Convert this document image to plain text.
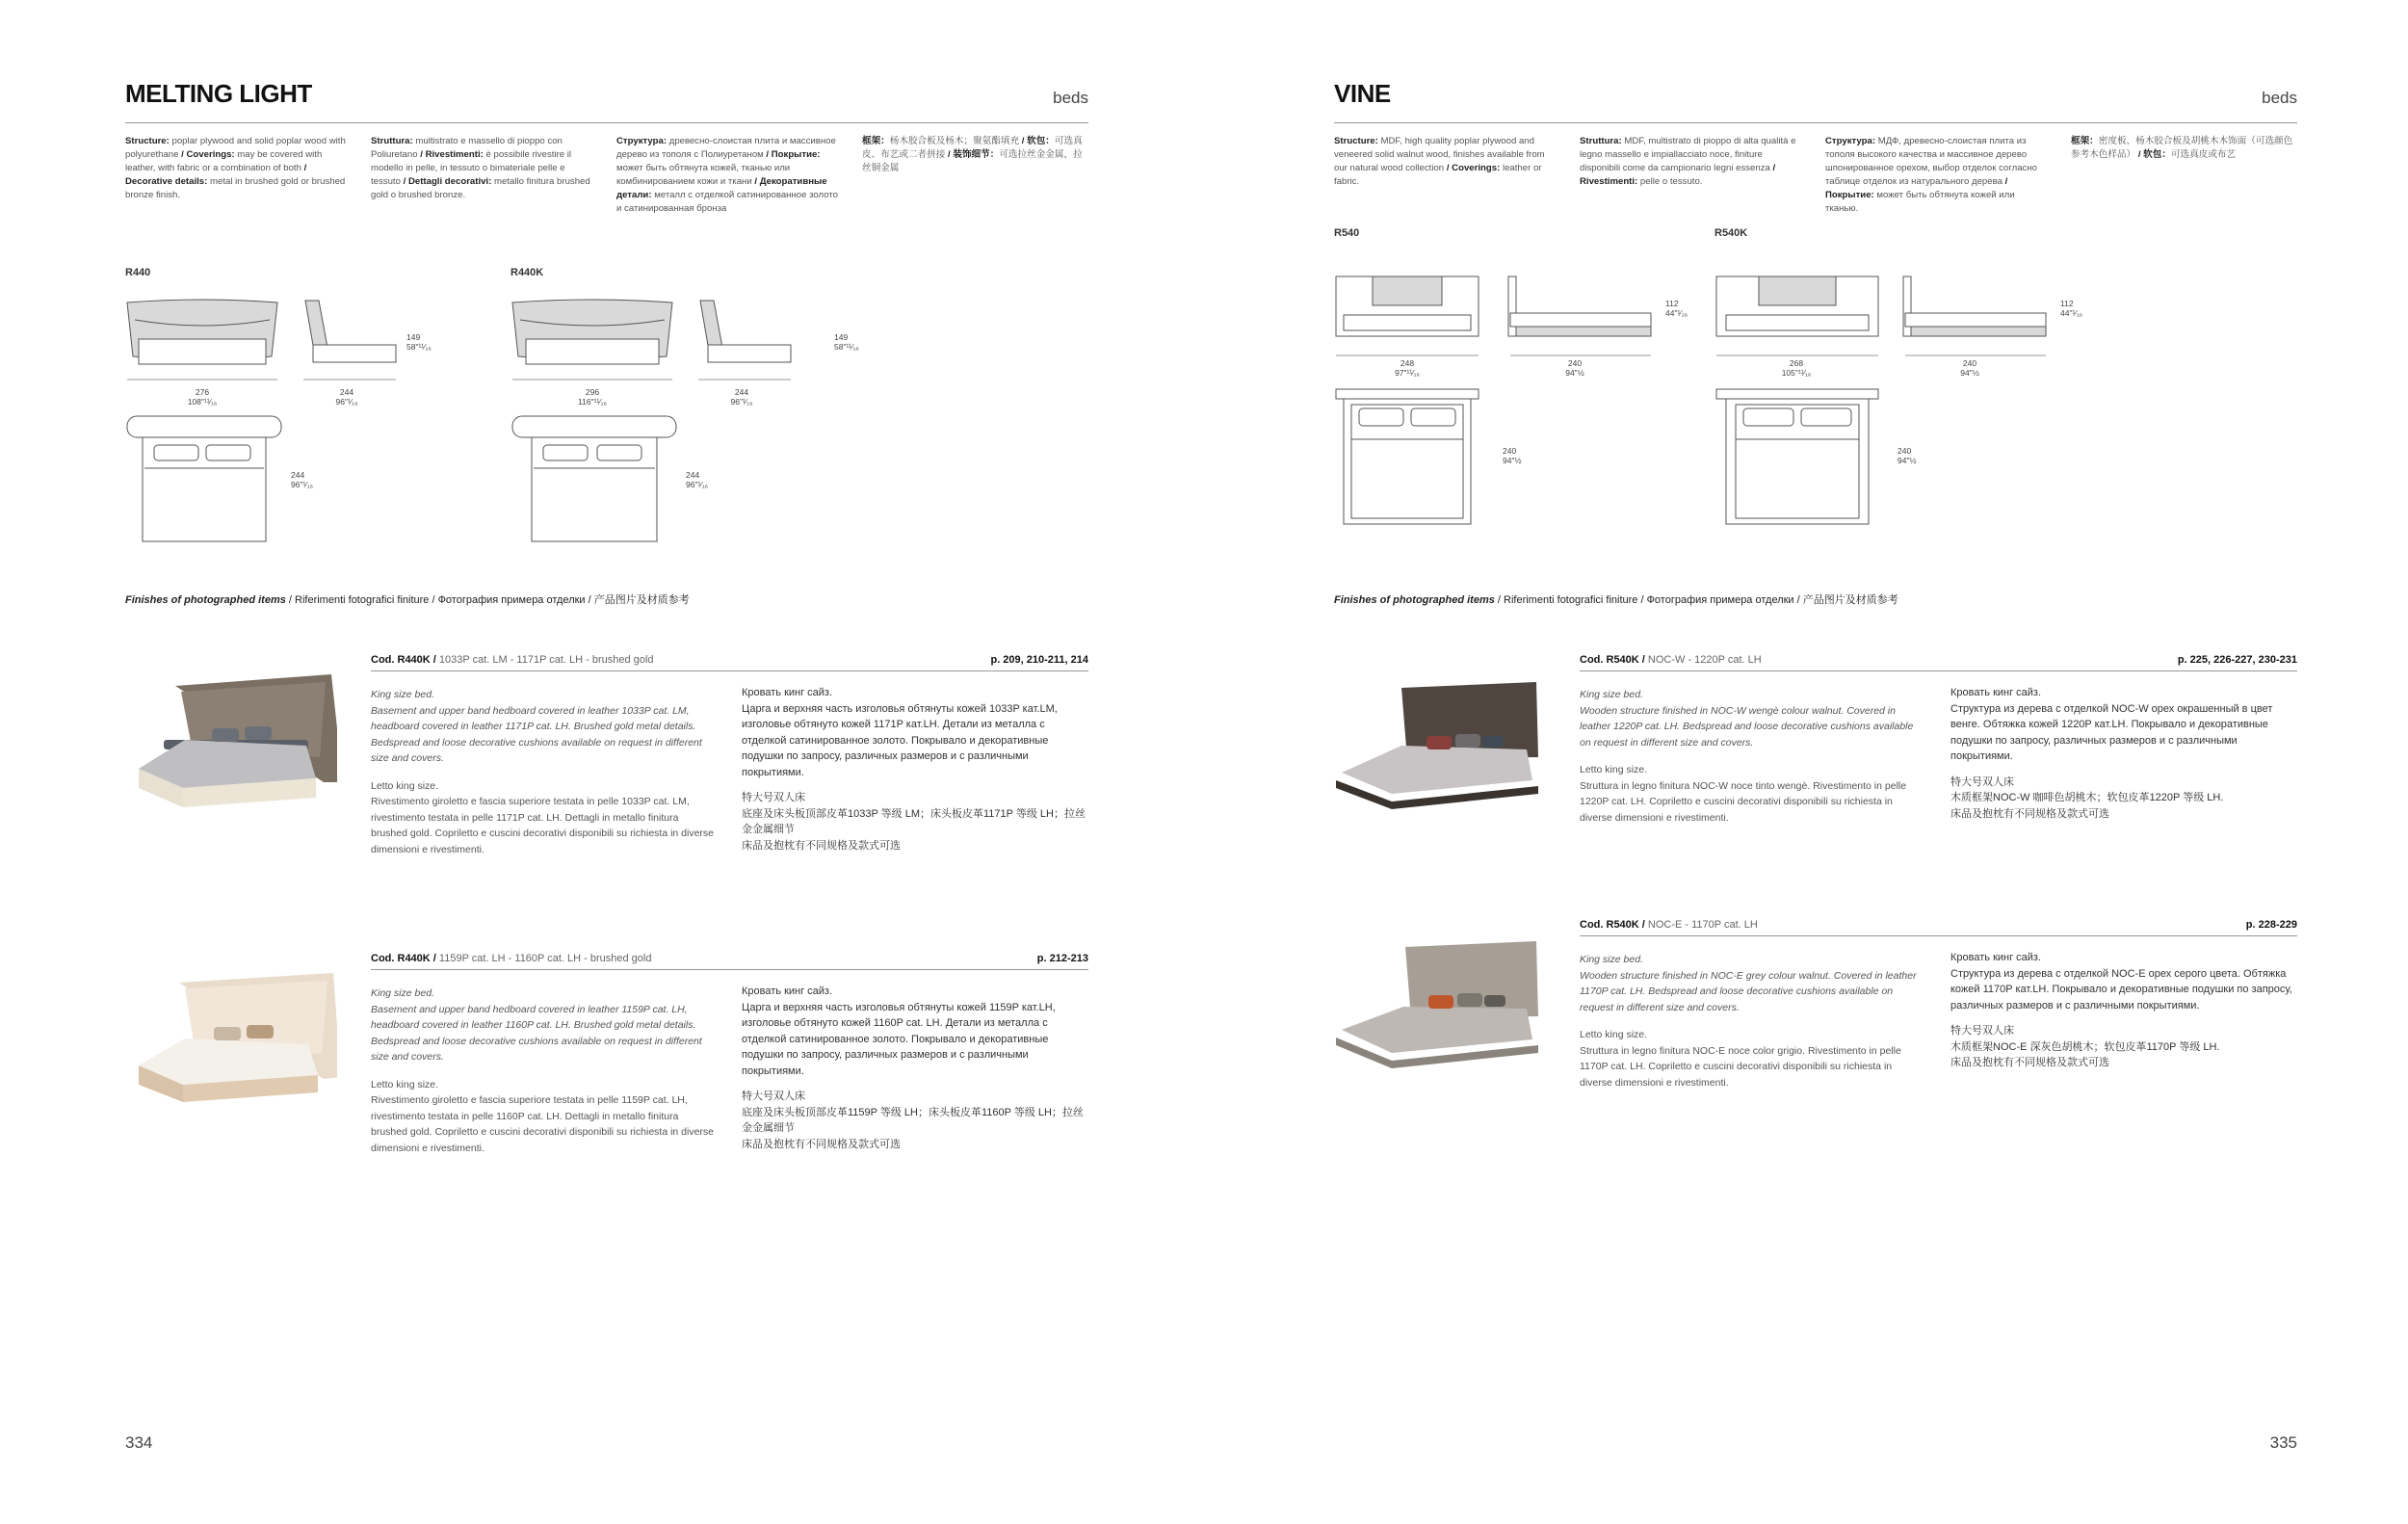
MELTING LIGHT	beds
Structure: poplar plywood and solid poplar wood with polyurethane / Coverings: may be covered with leather, with fabric or a combination of both / Decorative details: metal in brushed gold or brushed bronze finish.
Struttura: multistrato e massello di pioppo con Poliuretano / Rivestimenti: è possibile rivestire il modello in pelle, in tessuto o bimateriale pelle e tessuto / Dettagli decorativi: metallo finitura brushed gold o brushed bronze.
Структура: древесно-слоистая плита и массивное дерево из тополя с Полиуретаном / Покрытие: может быть обтянута кожей, тканью или комбинированием кожи и ткани / Декоративные детали: металл с отделкой сатинированное золото и сатинированная бронза
框架：杨木胶合板及杨木；聚氨酯填充 / 软包：可选真皮、布艺或二者拼接 / 装饰细节：可选拉丝金金属，拉丝铜金属
R440	R440K
276
108"¹¹⁄₁₆
244
96"¹⁄₁₆
149
58"¹¹⁄₁₆
296
116"¹¹⁄₁₆
244
96"¹⁄₁₆
149
58"¹¹⁄₁₆
244
96"¹⁄₁₆
244
96"¹⁄₁₆
Finishes of photographed items / Riferimenti fotografici finiture / Фотография примера отделки / 产品图片及材质参考
Cod. R440K / 1033P cat. LM - 1171P cat. LH - brushed gold	p. 209, 210-211, 214

King size bed.
Basement and upper band hedboard covered in leather 1033P cat. LM, headboard covered in leather 1171P cat. LH. Brushed gold metal details. Bedspread and loose decorative cushions available on request in different size and covers.

Letto king size.
Rivestimento giroletto e fascia superiore testata in pelle 1033P cat. LM, rivestimento testata in pelle 1171P cat. LH. Dettagli in metallo finitura brushed gold. Copriletto e cuscini decorativi disponibili su richiesta in diverse dimensioni e rivestimenti.

Кровать кинг сайз.
Царга и верхняя часть изголовья обтянуты кожей 1033P кат.LM, изголовье обтянуто кожей 1171P кат.LH. Детали из металла с отделкой сатинированное золото. Покрывало и декоративные подушки по запросу, различных размеров и с различными покрытиями.

特大号双人床
底座及床头板顶部皮革1033P 等级 LM；床头板皮革1171P 等级 LH；拉丝金金属细节
床品及抱枕有不同规格及款式可选

Cod. R440K / 1159P cat. LH - 1160P cat. LH - brushed gold	p. 212-213

King size bed.
Basement and upper band hedboard covered in leather 1159P cat. LH, headboard covered in leather 1160P cat. LH. Brushed gold metal details. Bedspread and loose decorative cushions available on request in different size and covers.

Letto king size.
Rivestimento giroletto e fascia superiore testata in pelle 1159P cat. LH, rivestimento testata in pelle 1160P cat. LH. Dettagli in metallo finitura brushed gold. Copriletto e cuscini decorativi disponibili su richiesta in diverse dimensioni e rivestimenti.

Кровать кинг сайз.
Царга и верхняя часть изголовья обтянуты кожей 1159P кат.LH, изголовье обтянуто кожей 1160P cat. LH. Детали из металла с отделкой сатинированное золото. Покрывало и декоративные подушки по запросу, различных размеров и с различными покрытиями.

特大号双人床
底座及床头板顶部皮革1159P 等级 LH；床头板皮革1160P 等级 LH；拉丝金金属细节
床品及抱枕有不同规格及款式可选

334
VINE	beds
Structure: MDF, high quality poplar plywood and veneered solid walnut wood, finishes available from our natural wood collection / Coverings: leather or fabric.
Struttura: MDF, multistrato di pioppo di alta qualità e legno massello e impiallacciato noce, finiture disponibili come da campionario legni essenza / Rivestimenti: pelle o tessuto.
Структура: МДФ, древесно-слоистая плита из тополя высокого качества и массивное дерево шпонированное орехом, выбор отделок согласно таблице отделок из натурального дерева / Покрытие: может быть обтянута кожей или тканью.
框架：密度板、杨木胶合板及胡桃木木饰面（可选颜色参考木色样品） / 软包：可选真皮或布艺
R540	R540K
248
97"¹¹⁄₁₆
240
94"½
112
44"¹⁄₁₆
268
105"¹¹⁄₁₆
240
94"½
112
44"¹⁄₁₆
240
94"½
240
94"½
Finishes of photographed items / Riferimenti fotografici finiture / Фотография примера отделки / 产品图片及材质参考
Cod. R540K / NOC-W - 1220P cat. LH	p. 225, 226-227, 230-231

King size bed.
Wooden structure finished in NOC-W wengè colour walnut. Covered in leather 1220P cat. LH. Bedspread and loose decorative cushions available on request in different size and covers.

Letto king size.
Struttura in legno finitura NOC-W noce tinto wengè. Rivestimento in pelle 1220P cat. LH. Copriletto e cuscini decorativi disponibili su richiesta in diverse dimensioni e rivestimenti.

Кровать кинг сайз.
Структура из дерева с отделкой NOC-W орех окрашенный в цвет венге. Обтяжка кожей 1220P кат.LH. Покрывало и декоративные подушки по запросу, различных размеров и с различными покрытиями.

特大号双人床
木质框架NOC-W 咖啡色胡桃木；软包皮革1220P 等级 LH.
床品及抱枕有不同规格及款式可选

Cod. R540K / NOC-E - 1170P cat. LH	p. 228-229

King size bed.
Wooden structure finished in NOC-E grey colour walnut. Covered in leather 1170P cat. LH. Bedspread and loose decorative cushions available on request in different size and covers.

Letto king size.
Struttura in legno finitura NOC-E noce color grigio. Rivestimento in pelle 1170P cat. LH. Copriletto e cuscini decorativi disponibili su richiesta in diverse dimensioni e rivestimenti.

Кровать кинг сайз.
Структура из дерева с отделкой NOC-E орех серого цвета. Обтяжка кожей 1170P кат.LH. Покрывало и декоративные подушки по запросу, различных размеров и с различными покрытиями.

特大号双人床
木质框架NOC-E 深灰色胡桃木；软包皮革1170P 等级 LH.
床品及抱枕有不同规格及款式可选

335
